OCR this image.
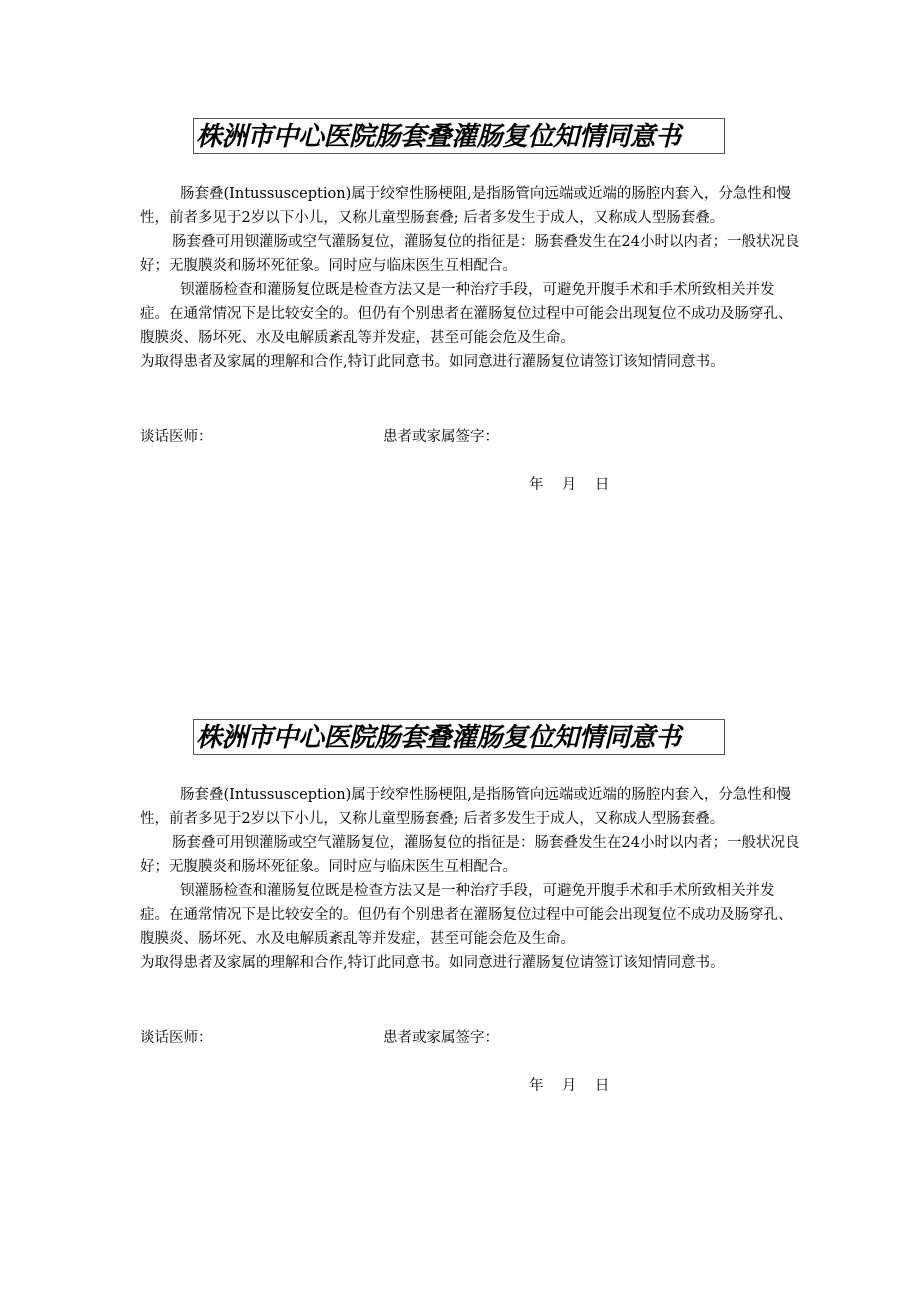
株洲市中心医院肠套叠灌肠复位知情同意书

肠套叠(Intussusception)属于绞窄性肠梗阻,是指肠管向远端或近端的肠腔内套入，分急性和慢性，前者多见于2岁以下小儿，又称儿童型肠套叠; 后者多发生于成人，又称成人型肠套叠。

肠套叠可用钡灌肠或空气灌肠复位，灌肠复位的指征是：肠套叠发生在24小时以内者；一般状况良好；无腹膜炎和肠坏死征象。同时应与临床医生互相配合。

钡灌肠检查和灌肠复位既是检查方法又是一种治疗手段，可避免开腹手术和手术所致相关并发症。在通常情况下是比较安全的。但仍有个别患者在灌肠复位过程中可能会出现复位不成功及肠穿孔、腹膜炎、肠坏死、水及电解质紊乱等并发症，甚至可能会危及生命。

为取得患者及家属的理解和合作,特订此同意书。如同意进行灌肠复位请签订该知情同意书。

谈话医师：	患者或家属签字：
年    月    日
株洲市中心医院肠套叠灌肠复位知情同意书

肠套叠(Intussusception)属于绞窄性肠梗阻,是指肠管向远端或近端的肠腔内套入，分急性和慢性，前者多见于2岁以下小儿，又称儿童型肠套叠; 后者多发生于成人，又称成人型肠套叠。

肠套叠可用钡灌肠或空气灌肠复位，灌肠复位的指征是：肠套叠发生在24小时以内者；一般状况良好；无腹膜炎和肠坏死征象。同时应与临床医生互相配合。

钡灌肠检查和灌肠复位既是检查方法又是一种治疗手段，可避免开腹手术和手术所致相关并发症。在通常情况下是比较安全的。但仍有个别患者在灌肠复位过程中可能会出现复位不成功及肠穿孔、腹膜炎、肠坏死、水及电解质紊乱等并发症，甚至可能会危及生命。

为取得患者及家属的理解和合作,特订此同意书。如同意进行灌肠复位请签订该知情同意书。

谈话医师：	患者或家属签字：
年    月    日
